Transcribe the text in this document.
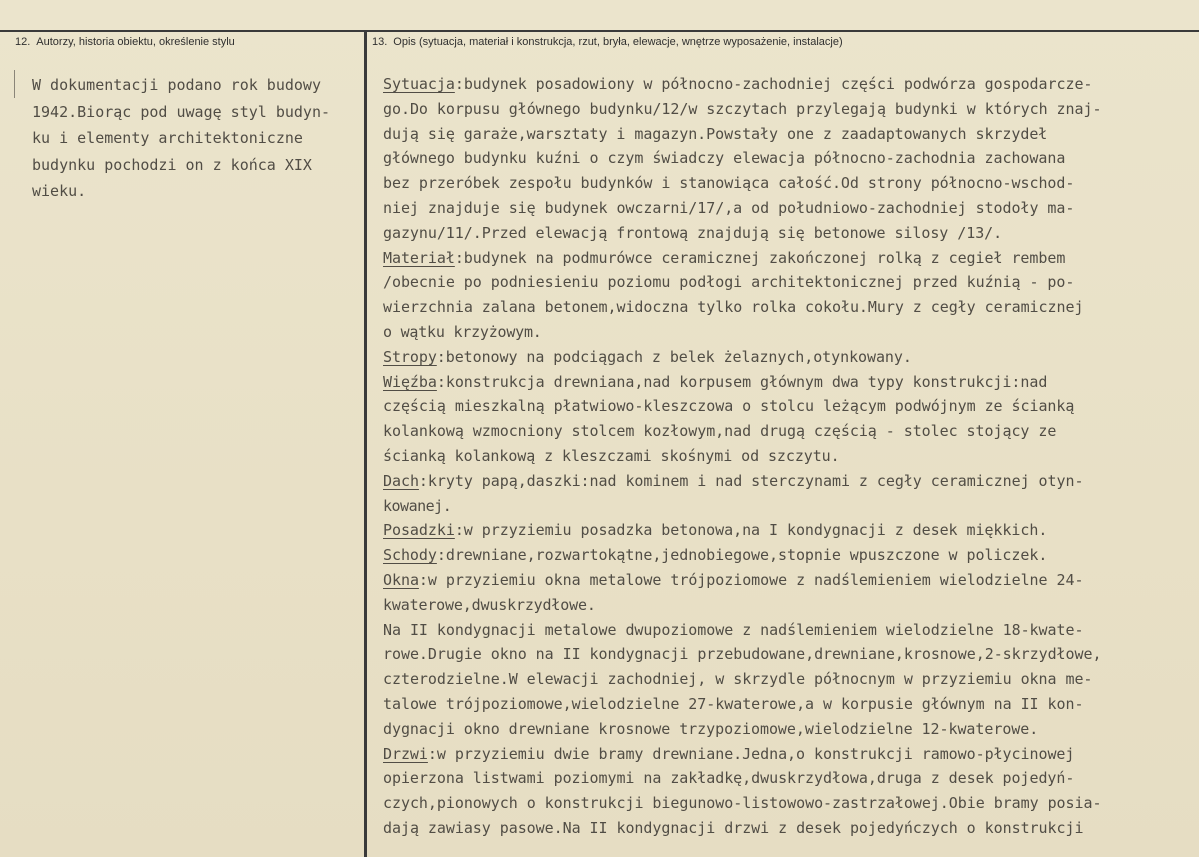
12. Autorzy, historia obiektu, określenie stylu	13. Opis (sytuacja, materiał i konstrukcja, rzut, bryła, elewacje, wnętrze wyposażenie, instalacje)
W dokumentacji podano rok budowy
1942.Biorąc pod uwagę styl budyn-
ku i elementy architektoniczne
budynku pochodzi on z końca XIX
wieku.
Sytuacja:budynek posadowiony w północno-zachodniej części podwórza gospodarcze-
go.Do korpusu głównego budynku/12/w szczytach przylegają budynki w których znaj-
dują się garaże,warsztaty i magazyn.Powstały one z zaadaptowanych skrzydeł
głównego budynku kuźni o czym świadczy elewacja północno-zachodnia zachowana
bez przeróbek zespołu budynków i stanowiąca całość.Od strony północno-wschod-
niej znajduje się budynek owczarni/17/,a od południowo-zachodniej stodoły ma-
gazynu/11/.Przed elewacją frontową znajdują się betonowe silosy /13/.
Materiał:budynek na podmurówce ceramicznej zakończonej rolką z cegieł rembem
/obecnie po podniesieniu poziomu podłogi architektonicznej przed kuźnią - po-
wierzchnia zalana betonem,widoczna tylko rolka cokołu.Mury z cegły ceramicznej
o wątku krzyżowym.
Stropy:betonowy na podciągach z belek żelaznych,otynkowany.
Więźba:konstrukcja drewniana,nad korpusem głównym dwa typy konstrukcji:nad
częścią mieszkalną płatwiowo-kleszczowa o stolcu leżącym podwójnym ze ścianką
kolankową wzmocniony stolcem kozłowym,nad drugą częścią - stolec stojący ze
ścianką kolankową z kleszczami skośnymi od szczytu.
Dach:kryty papą,daszki:nad kominem i nad sterczynami z cegły ceramicznej otyn-
kowanej.
Posadzki:w przyziemiu posadzka betonowa,na I kondygnacji z desek miękkich.
Schody:drewniane,rozwartokątne,jednobiegowe,stopnie wpuszczone w policzek.
Okna:w przyziemiu okna metalowe trójpoziomowe z nadślemieniem wielodzielne 24-
kwaterowe,dwuskrzydłowe.
Na II kondygnacji metalowe dwupoziomowe z nadślemieniem wielodzielne 18-kwate-
rowe.Drugie okno na II kondygnacji przebudowane,drewniane,krosnowe,2-skrzydłowe,
czterodzielne.W elewacji zachodniej, w skrzydle północnym w przyziemiu okna me-
talowe trójpoziomowe,wielodzielne 27-kwaterowe,a w korpusie głównym na II kon-
dygnacji okno drewniane krosnowe trzypoziomowe,wielodzielne 12-kwaterowe.
Drzwi:w przyziemiu dwie bramy drewniane.Jedna,o konstrukcji ramowo-płycinowej
opierzona listwami poziomymi na zakładkę,dwuskrzydłowa,druga z desek pojedyń-
czych,pionowych o konstrukcji biegunowo-listowowo-zastrzałowej.Obie bramy posia-
dają zawiasy pasowe.Na II kondygnacji drzwi z desek pojedyńczych o konstrukcji
